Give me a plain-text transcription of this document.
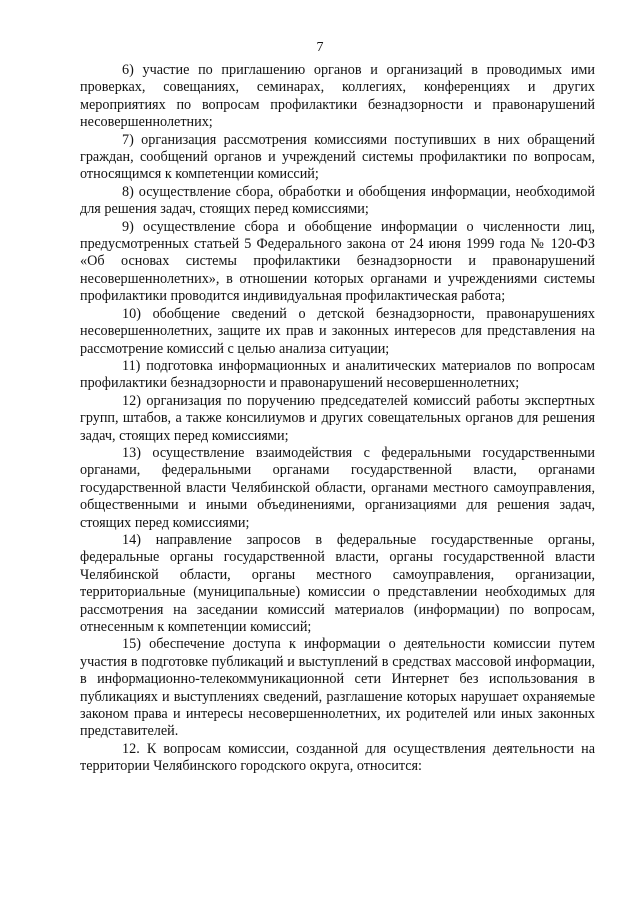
7

6) участие по приглашению органов и организаций в проводимых ими проверках, совещаниях, семинарах, коллегиях, конференциях и других мероприятиях по вопросам профилактики безнадзорности и правонарушений несовершеннолетних;

7) организация рассмотрения комиссиями поступивших в них обращений граждан, сообщений органов и учреждений системы профилактики по вопросам, относящимся к компетенции комиссий;

8) осуществление сбора, обработки и обобщения информации, необходимой для решения задач, стоящих перед комиссиями;

9) осуществление сбора и обобщение информации о численности лиц, предусмотренных статьей 5 Федерального закона от 24 июня 1999 года № 120-ФЗ «Об основах системы профилактики безнадзорности и правонарушений несовершеннолетних», в отношении которых органами и учреждениями системы профилактики проводится индивидуальная профилактическая работа;

10) обобщение сведений о детской безнадзорности, правонарушениях несовершеннолетних, защите их прав и законных интересов для представления на рассмотрение комиссий с целью анализа ситуации;

11) подготовка информационных и аналитических материалов по вопросам профилактики безнадзорности и правонарушений несовершеннолетних;

12) организация по поручению председателей комиссий работы экспертных групп, штабов, а также консилиумов и других совещательных органов для решения задач, стоящих перед комиссиями;

13) осуществление взаимодействия с федеральными государственными органами, федеральными органами государственной власти, органами государственной власти Челябинской области, органами местного самоуправления, общественными и иными объединениями, организациями для решения задач, стоящих перед комиссиями;

14) направление запросов в федеральные государственные органы, федеральные органы государственной власти, органы государственной власти Челябинской области, органы местного самоуправления, организации, территориальные (муниципальные) комиссии о представлении необходимых для рассмотрения на заседании комиссий материалов (информации) по вопросам, отнесенным к компетенции комиссий;

15) обеспечение доступа к информации о деятельности комиссии путем участия в подготовке публикаций и выступлений в средствах массовой информации, в информационно-телекоммуникационной сети Интернет без использования в публикациях и выступлениях сведений, разглашение которых нарушает охраняемые законом права и интересы несовершеннолетних, их родителей или иных законных представителей.

12. К вопросам комиссии, созданной для осуществления деятельности на территории Челябинского городского округа, относится:
